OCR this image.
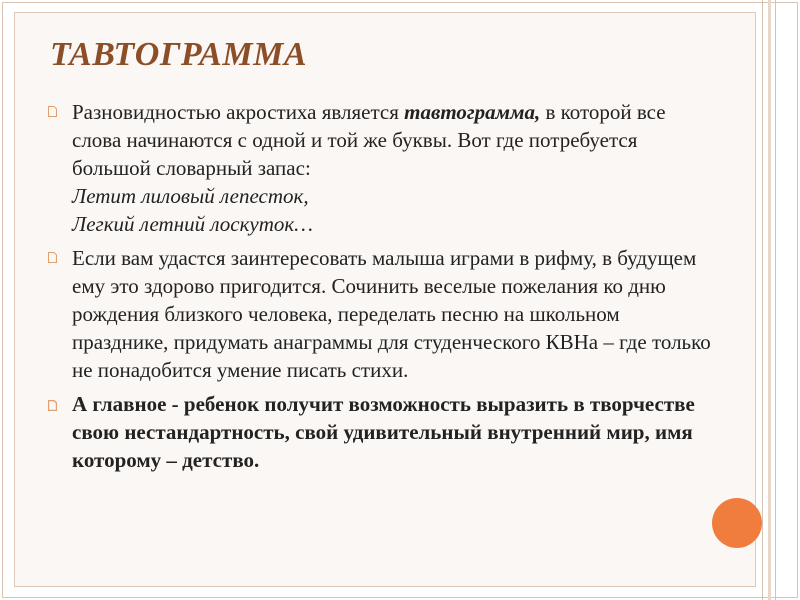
ТАВТОГРАММА
Разновидностью акростиха является тавтограмма, в которой все слова начинаются с одной и той же буквы. Вот где потребуется большой словарный запас:
Летит лиловый лепесток,
Легкий летний лоскуток…
Если вам удастся заинтересовать малыша играми в рифму, в будущем ему это здорово пригодится. Сочинить веселые пожелания ко дню рождения близкого человека, переделать песню на школьном празднике, придумать анаграммы для студенческого КВНа – где только не понадобится умение писать стихи.
А главное - ребенок получит возможность выразить в творчестве свою нестандартность, свой удивительный внутренний мир, имя которому – детство.
